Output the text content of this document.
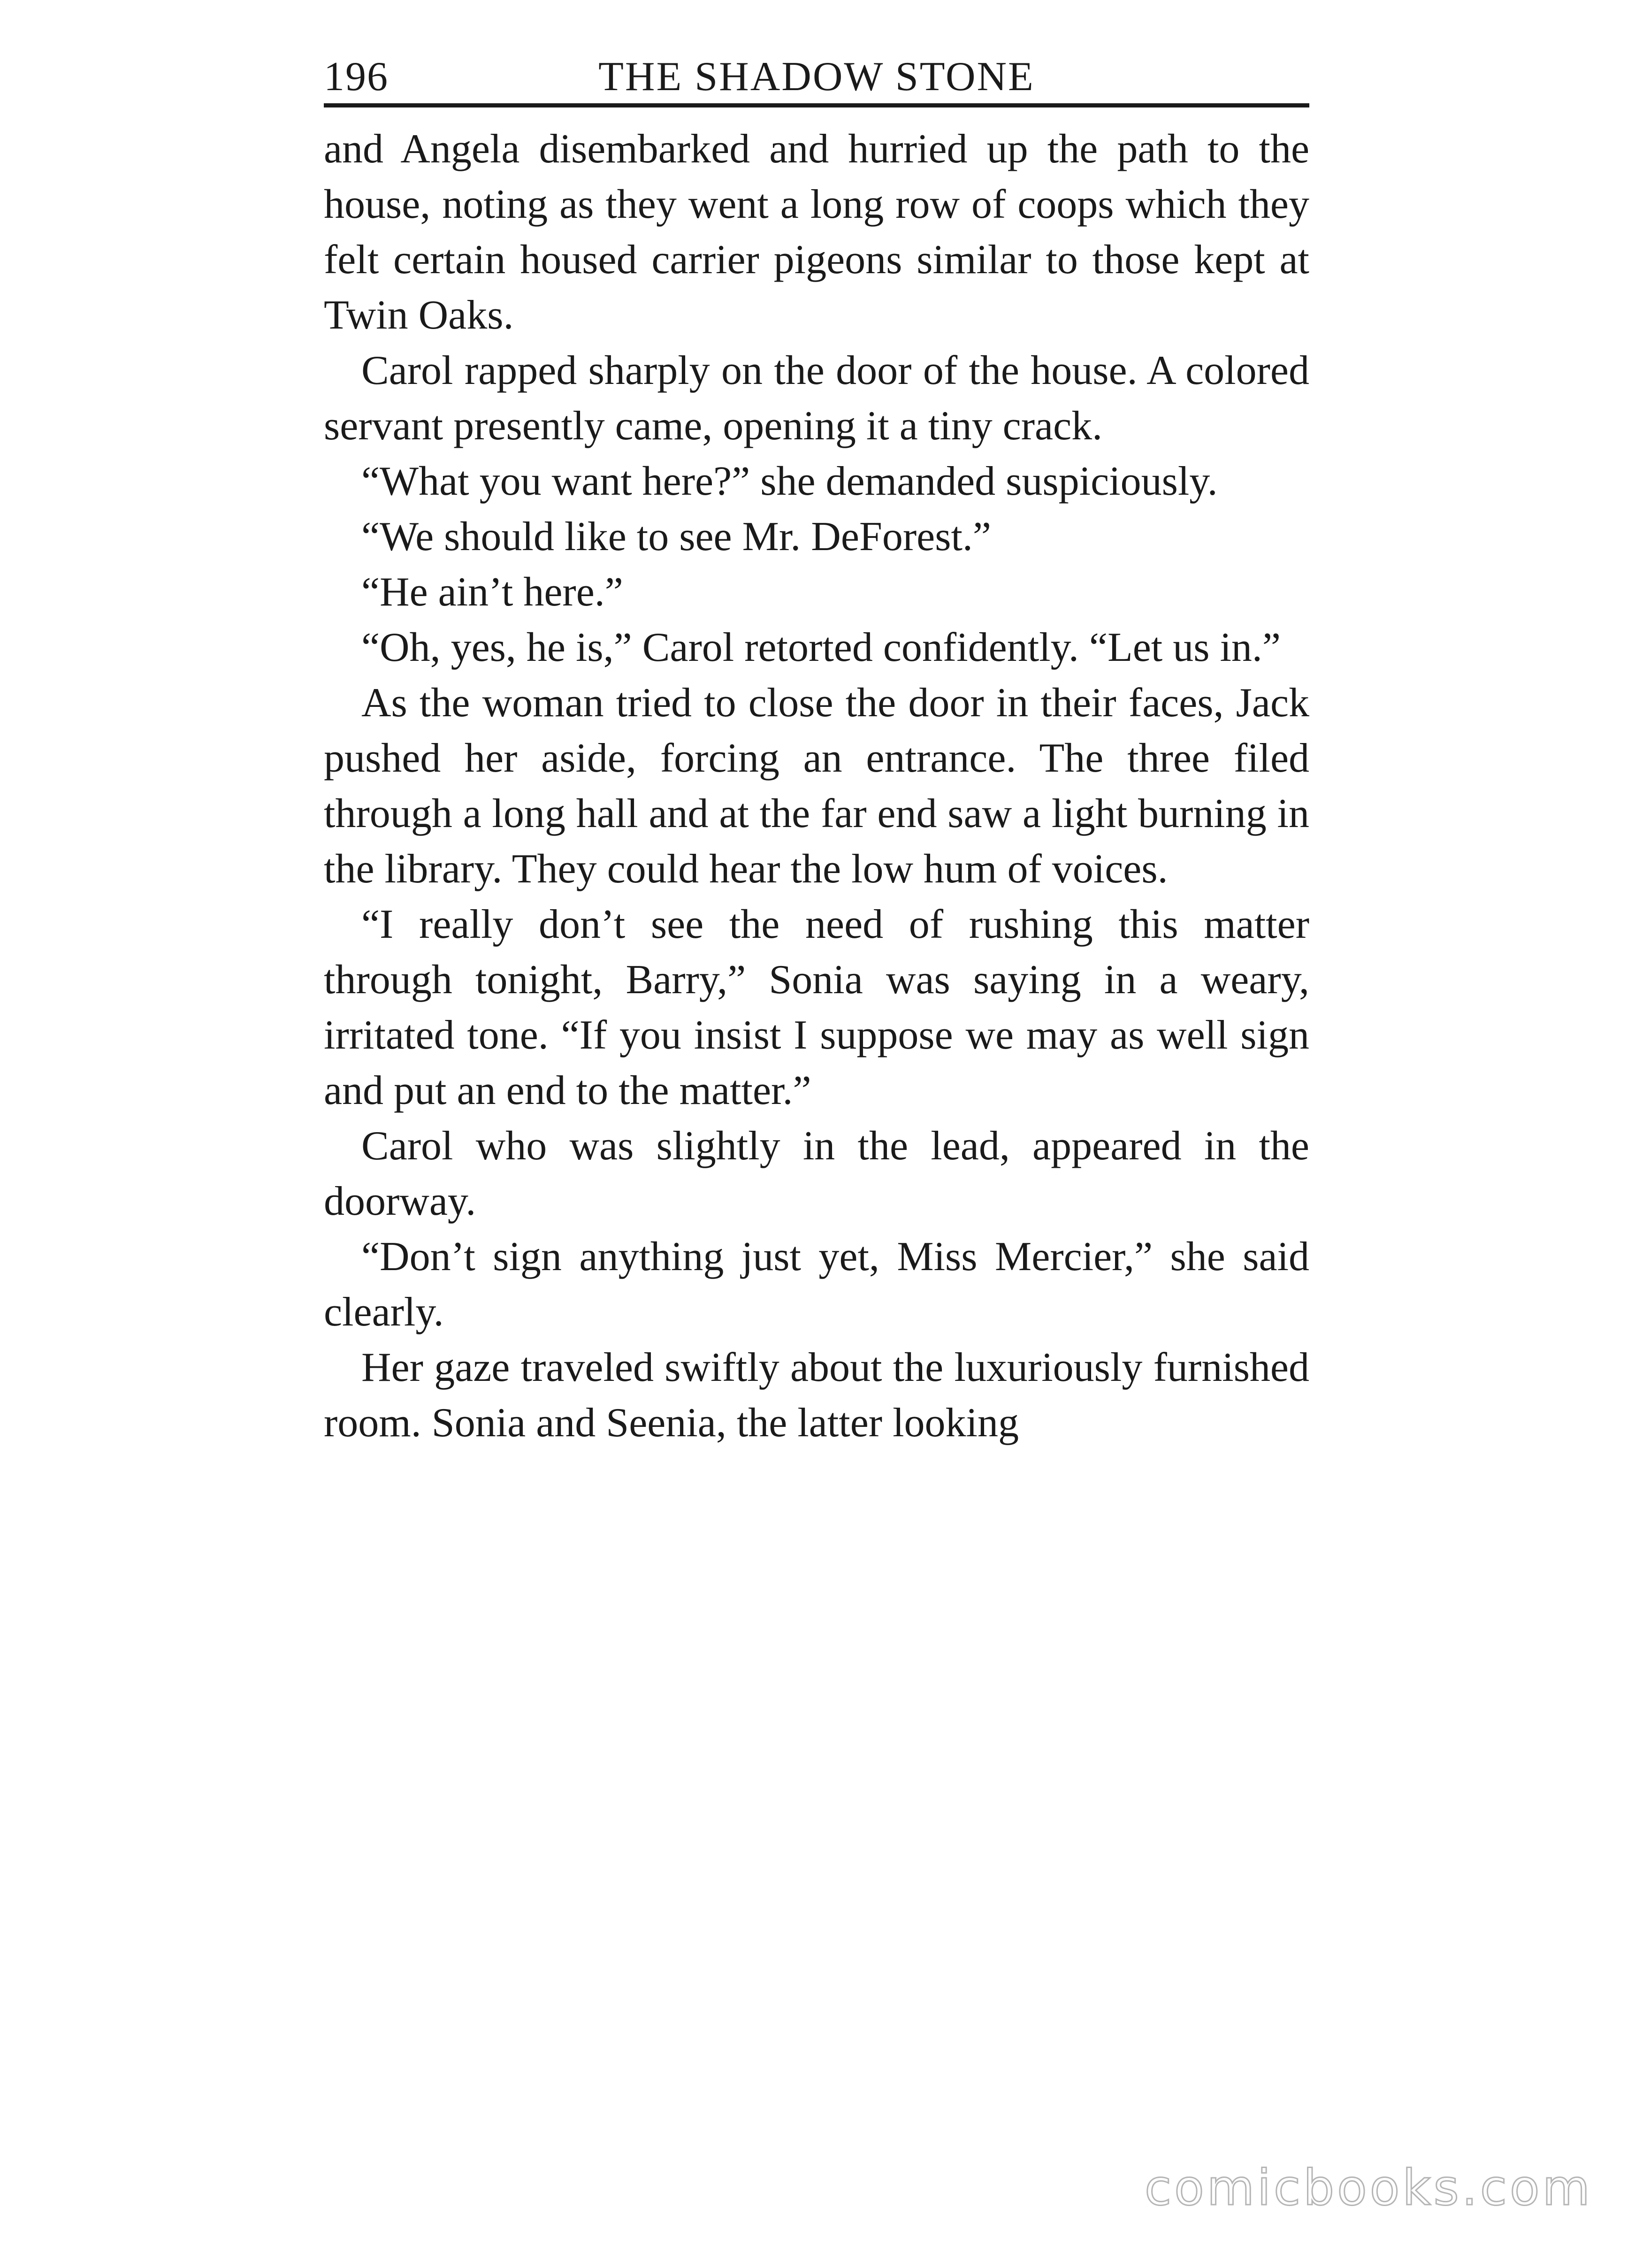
196	THE SHADOW STONE

and Angela disembarked and hurried up the path to the house, noting as they went a long row of coops which they felt certain housed carrier pigeons similar to those kept at Twin Oaks.

Carol rapped sharply on the door of the house. A colored servant presently came, opening it a tiny crack.

“What you want here?” she demanded suspiciously.

“We should like to see Mr. DeForest.”

“He ain’t here.”

“Oh, yes, he is,” Carol retorted confidently. “Let us in.”

As the woman tried to close the door in their faces, Jack pushed her aside, forcing an entrance. The three filed through a long hall and at the far end saw a light burning in the library. They could hear the low hum of voices.

“I really don’t see the need of rushing this matter through tonight, Barry,” Sonia was saying in a weary, irritated tone. “If you insist I suppose we may as well sign and put an end to the matter.”

Carol who was slightly in the lead, appeared in the doorway.

“Don’t sign anything just yet, Miss Mercier,” she said clearly.

Her gaze traveled swiftly about the luxuriously furnished room. Sonia and Seenia, the latter looking

comicbooks.com
